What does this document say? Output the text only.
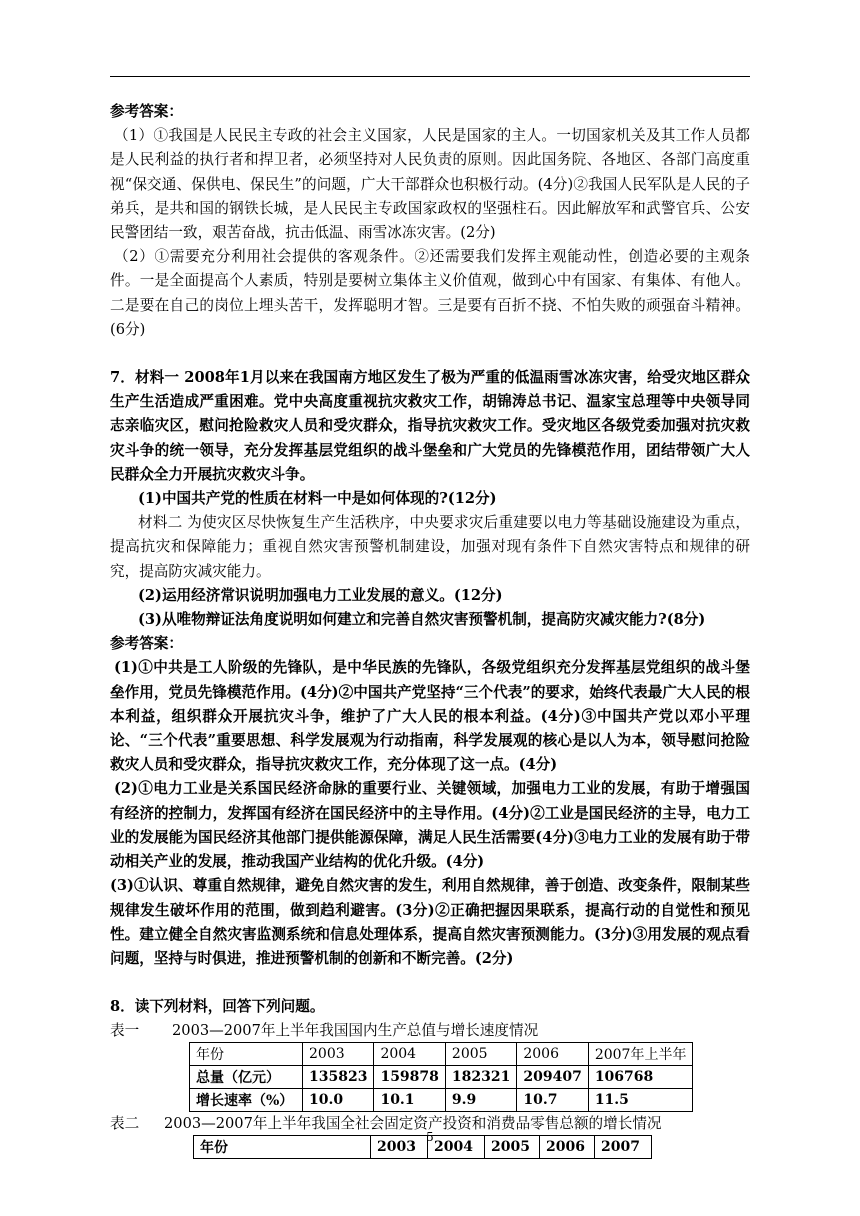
参考答案：

（1）①我国是人民民主专政的社会主义国家，人民是国家的主人。一切国家机关及其工作人员都是人民利益的执行者和捍卫者，必须坚持对人民负责的原则。因此国务院、各地区、各部门高度重视“保交通、保供电、保民生”的问题，广大干部群众也积极行动。(4分)②我国人民军队是人民的子弟兵，是共和国的钢铁长城，是人民民主专政国家政权的坚强柱石。因此解放军和武警官兵、公安民警团结一致，艰苦奋战，抗击低温、雨雪冰冻灾害。(2分)

（2）①需要充分利用社会提供的客观条件。②还需要我们发挥主观能动性，创造必要的主观条件。一是全面提高个人素质，特别是要树立集体主义价值观，做到心中有国家、有集体、有他人。二是要在自己的岗位上埋头苦干，发挥聪明才智。三是要有百折不挠、不怕失败的顽强奋斗精神。(6分)

7．材料一 2008年1月以来在我国南方地区发生了极为严重的低温雨雪冰冻灾害，给受灾地区群众生产生活造成严重困难。党中央高度重视抗灾救灾工作，胡锦涛总书记、温家宝总理等中央领导同志亲临灾区，慰问抢险救灾人员和受灾群众，指导抗灾救灾工作。受灾地区各级党委加强对抗灾救灾斗争的统一领导，充分发挥基层党组织的战斗堡垒和广大党员的先锋模范作用，团结带领广大人民群众全力开展抗灾救灾斗争。

(1)中国共产党的性质在材料一中是如何体现的?(12分)

材料二 为使灾区尽快恢复生产生活秩序，中央要求灾后重建要以电力等基础设施建设为重点，提高抗灾和保障能力；重视自然灾害预警机制建设，加强对现有条件下自然灾害特点和规律的研究，提高防灾减灾能力。

(2)运用经济常识说明加强电力工业发展的意义。(12分)

(3)从唯物辩证法角度说明如何建立和完善自然灾害预警机制，提高防灾减灾能力?(8分)

参考答案：

(1)①中共是工人阶级的先锋队，是中华民族的先锋队，各级党组织充分发挥基层党组织的战斗堡垒作用，党员先锋模范作用。(4分)②中国共产党坚持“三个代表”的要求，始终代表最广大人民的根本利益，组织群众开展抗灾斗争，维护了广大人民的根本利益。(4分)③中国共产党以邓小平理论、“三个代表”重要思想、科学发展观为行动指南，科学发展观的核心是以人为本，领导慰问抢险救灾人员和受灾群众，指导抗灾救灾工作，充分体现了这一点。(4分)

(2)①电力工业是关系国民经济命脉的重要行业、关键领域，加强电力工业的发展，有助于增强国有经济的控制力，发挥国有经济在国民经济中的主导作用。(4分)②工业是国民经济的主导，电力工业的发展能为国民经济其他部门提供能源保障，满足人民生活需要(4分)③电力工业的发展有助于带动相关产业的发展，推动我国产业结构的优化升级。(4分)

(3)①认识、尊重自然规律，避免自然灾害的发生，利用自然规律，善于创造、改变条件，限制某些规律发生破坏作用的范围，做到趋利避害。(3分)②正确把握因果联系，提高行动的自觉性和预见性。建立健全自然灾害监测系统和信息处理体系，提高自然灾害预测能力。(3分)③用发展的观点看问题，坚持与时俱进，推进预警机制的创新和不断完善。(2分)

8．读下列材料，回答下列问题。

表一	2003—2007年上半年我国国内生产总值与增长速度情况
年份	2003	2004	2005	2006	2007年上半年
总量（亿元）	135823	159878	182321	209407	106768
增长速率（%）	10.0	10.1	9.9	10.7	11.5
表二	2003—2007年上半年我国全社会固定资产投资和消费品零售总额的增长情况
年份	2003	2004	2005	2006	2007
5
